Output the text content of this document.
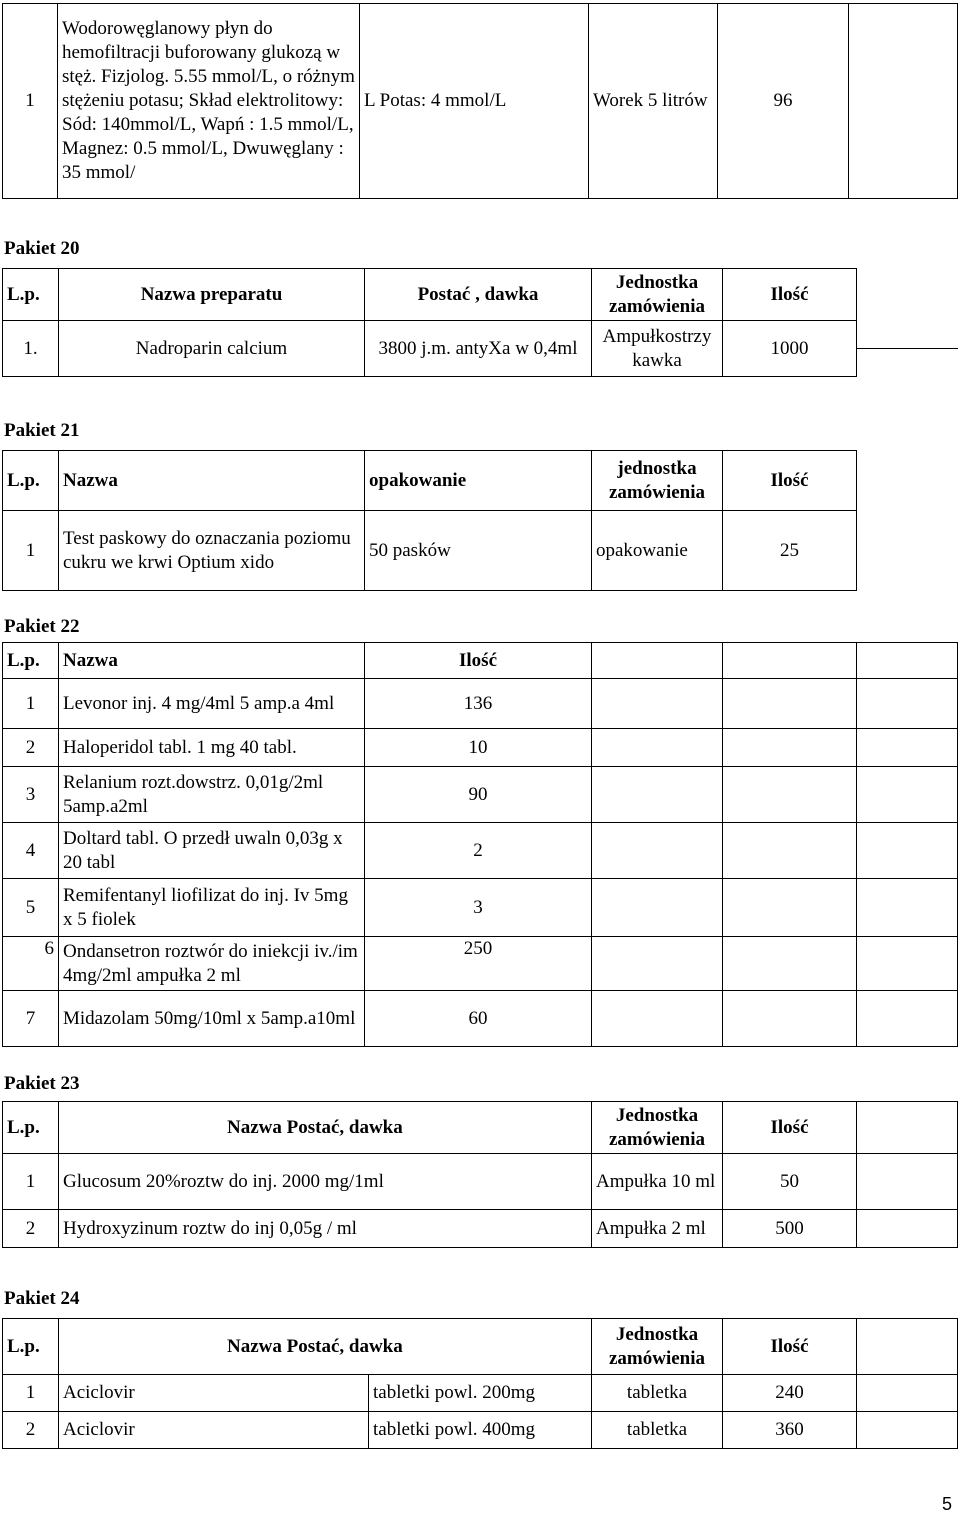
1	Wodorowęglanowy płyn do hemofiltracji buforowany glukozą w stęż. Fizjolog. 5.55 mmol/L, o różnym stężeniu potasu; Skład elektrolitowy: Sód: 140mmol/L, Wapń : 1.5 mmol/L, Magnez: 0.5 mmol/L, Dwuwęglany : 35 mmol/	L Potas: 4 mmol/L	Worek 5 litrów	96	
Pakiet 20
L.p.	Nazwa preparatu	Postać , dawka	Jednostka zamówienia	Ilość
1.	Nadroparin calcium	3800 j.m. antyXa w 0,4ml	Ampułkostrzy kawka	1000
Pakiet 21
L.p.	Nazwa	opakowanie	jednostka zamówienia	Ilość
1	Test paskowy do oznaczania poziomu cukru we krwi Optium xido	50 pasków	opakowanie	25
Pakiet 22
L.p.	Nazwa	Ilość			
1	Levonor inj. 4 mg/4ml 5 amp.a 4ml	136			
2	Haloperidol tabl. 1 mg 40 tabl.	10			
3	Relanium rozt.dowstrz. 0,01g/2ml 5amp.a2ml	90			
4	Doltard tabl. O przedł uwaln 0,03g x 20 tabl	2			
5	Remifentanyl liofilizat do inj. Iv 5mg x 5 fiolek	3			
6	Ondansetron roztwór do iniekcji iv./im 4mg/2ml ampułka 2 ml	250			
7	Midazolam 50mg/10ml x 5amp.a10ml	60			
Pakiet 23
L.p.	Nazwa Postać, dawka	Jednostka zamówienia	Ilość	
1	Glucosum 20%roztw do inj. 2000 mg/1ml	Ampułka 10 ml	50	
2	Hydroxyzinum roztw do inj 0,05g / ml	Ampułka 2 ml	500	
Pakiet 24
L.p.	Nazwa Postać, dawka		Jednostka zamówienia	Ilość	
1	Aciclovir	tabletki powl. 200mg	tabletka	240	
2	Aciclovir	tabletki powl. 400mg	tabletka	360	
5
